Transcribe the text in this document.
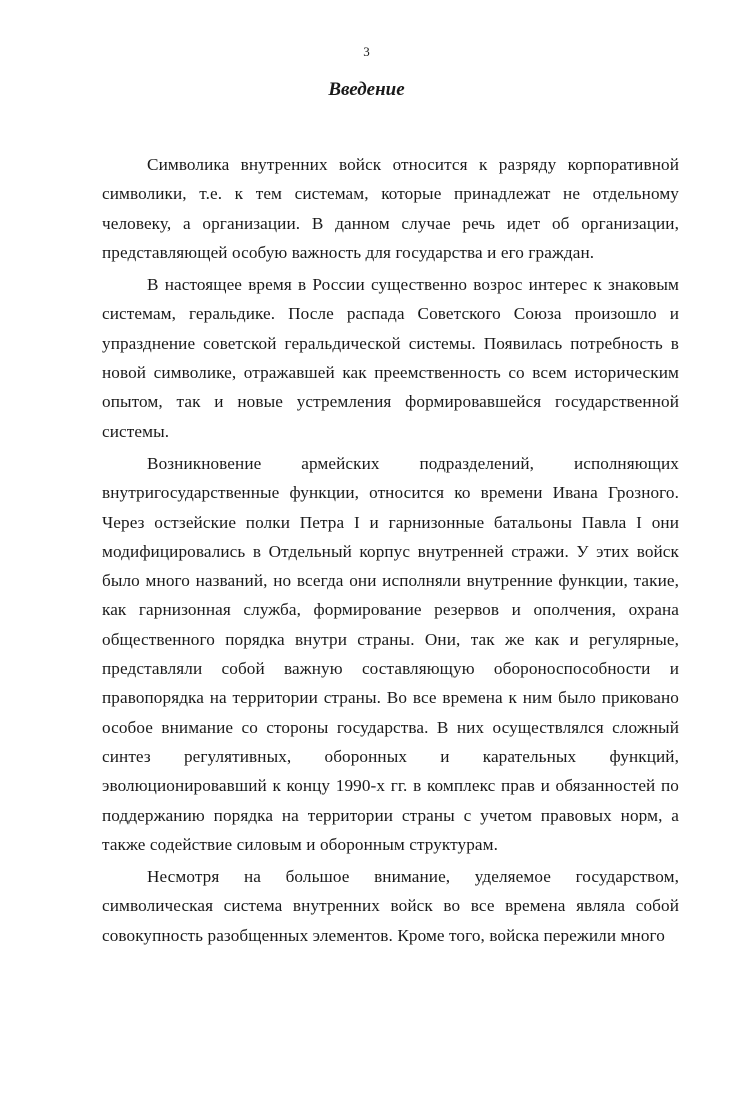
3
Введение

Символика внутренних войск относится к разряду корпоративной символики, т.е. к тем системам, которые принадлежат не отдельному человеку, а организации. В данном случае речь идет об организации, представляющей особую важность для государства и его граждан.

В настоящее время в России существенно возрос интерес к знаковым системам, геральдике. После распада Советского Союза произошло и упразднение советской геральдической системы. Появилась потребность в новой символике, отражавшей как преемственность со всем историческим опытом, так и новые устремления формировавшейся государственной системы.

Возникновение армейских подразделений, исполняющих внутригосударственные функции, относится ко времени Ивана Грозного. Через остзейские полки Петра I и гарнизонные батальоны Павла I они модифицировались в Отдельный корпус внутренней стражи. У этих войск было много названий, но всегда они исполняли внутренние функции, такие, как гарнизонная служба, формирование резервов и ополчения, охрана общественного порядка внутри страны. Они, так же как и регулярные, представляли собой важную составляющую обороноспособности и правопорядка на территории страны. Во все времена к ним было приковано особое внимание со стороны государства. В них осуществлялся сложный синтез регулятивных, оборонных и карательных функций, эволюционировавший к концу 1990-х гг. в комплекс прав и обязанностей по поддержанию порядка на территории страны с учетом правовых норм, а также содействие силовым и оборонным структурам.

Несмотря на большое внимание, уделяемое государством, символическая система внутренних войск во все времена являла собой совокупность разобщенных элементов. Кроме того, войска пережили много
